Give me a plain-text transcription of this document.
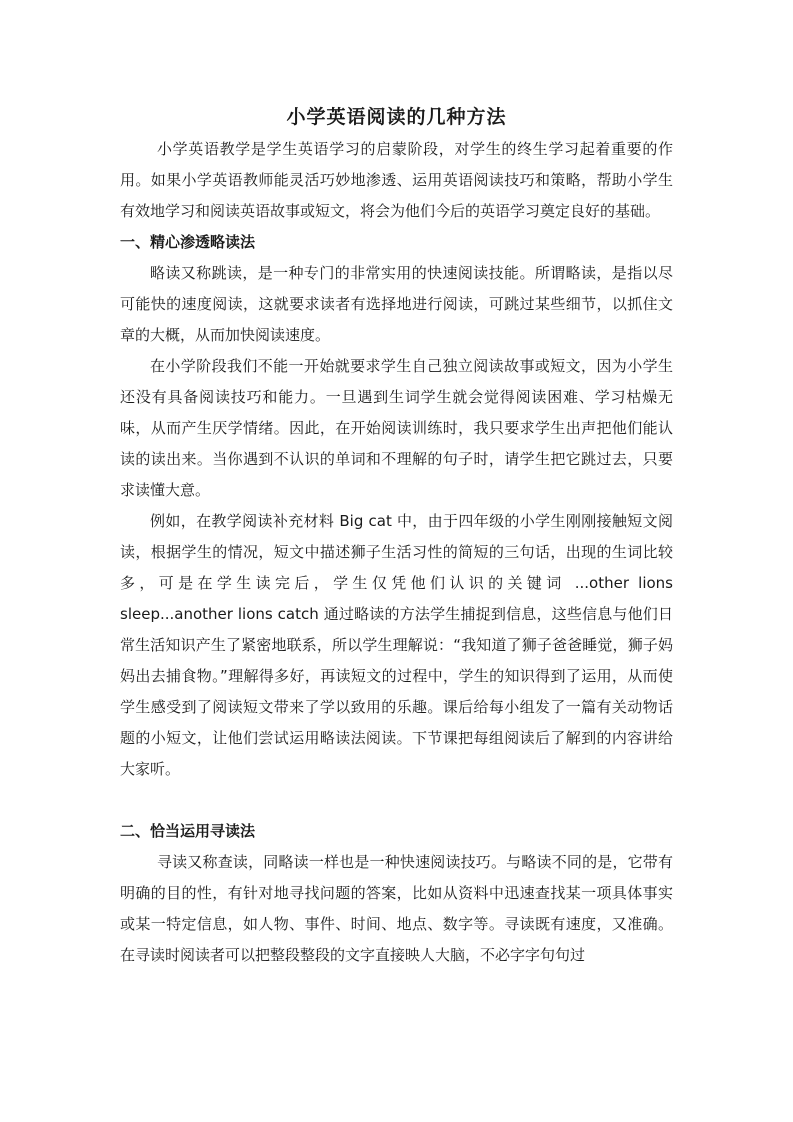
小学英语阅读的几种方法

小学英语教学是学生英语学习的启蒙阶段，对学生的终生学习起着重要的作用。如果小学英语教师能灵活巧妙地渗透、运用英语阅读技巧和策略，帮助小学生有效地学习和阅读英语故事或短文，将会为他们今后的英语学习奠定良好的基础。

一、精心渗透略读法

略读又称跳读，是一种专门的非常实用的快速阅读技能。所谓略读，是指以尽可能快的速度阅读，这就要求读者有选择地进行阅读，可跳过某些细节，以抓住文章的大概，从而加快阅读速度。

在小学阶段我们不能一开始就要求学生自己独立阅读故事或短文，因为小学生还没有具备阅读技巧和能力。一旦遇到生词学生就会觉得阅读困难、学习枯燥无味，从而产生厌学情绪。因此，在开始阅读训练时，我只要求学生出声把他们能认读的读出来。当你遇到不认识的单词和不理解的句子时，请学生把它跳过去，只要求读懂大意。

例如，在教学阅读补充材料 Big cat 中，由于四年级的小学生刚刚接触短文阅读，根据学生的情况，短文中描述狮子生活习性的简短的三句话，出现的生词比较多，可是在学生读完后，学生仅凭他们认识的关键词 ...other lions sleep...another lions catch 通过略读的方法学生捕捉到信息，这些信息与他们日常生活知识产生了紧密地联系，所以学生理解说：“我知道了狮子爸爸睡觉，狮子妈妈出去捕食物。”理解得多好，再读短文的过程中，学生的知识得到了运用，从而使学生感受到了阅读短文带来了学以致用的乐趣。课后给每小组发了一篇有关动物话题的小短文，让他们尝试运用略读法阅读。下节课把每组阅读后了解到的内容讲给大家听。

二、恰当运用寻读法

寻读又称查读，同略读一样也是一种快速阅读技巧。与略读不同的是，它带有明确的目的性，有针对地寻找问题的答案，比如从资料中迅速查找某一项具体事实或某一特定信息，如人物、事件、时间、地点、数字等。寻读既有速度，又准确。在寻读时阅读者可以把整段整段的文字直接映人大脑，不必字字句句过
